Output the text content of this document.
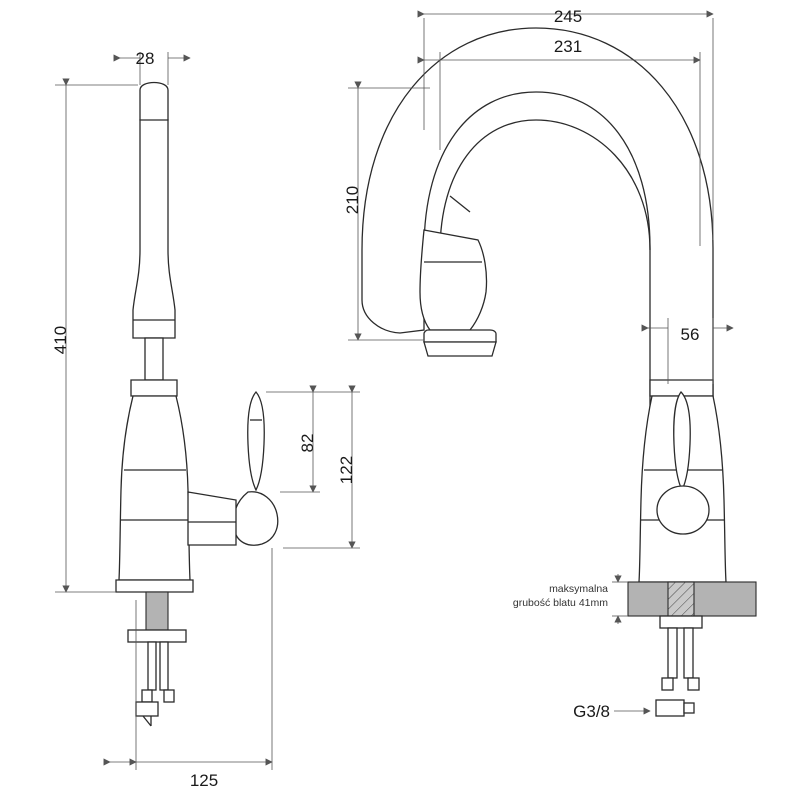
28
410
82
122
125
245
231
210
56
maksymalna
grubość blatu 41mm
G3/8
